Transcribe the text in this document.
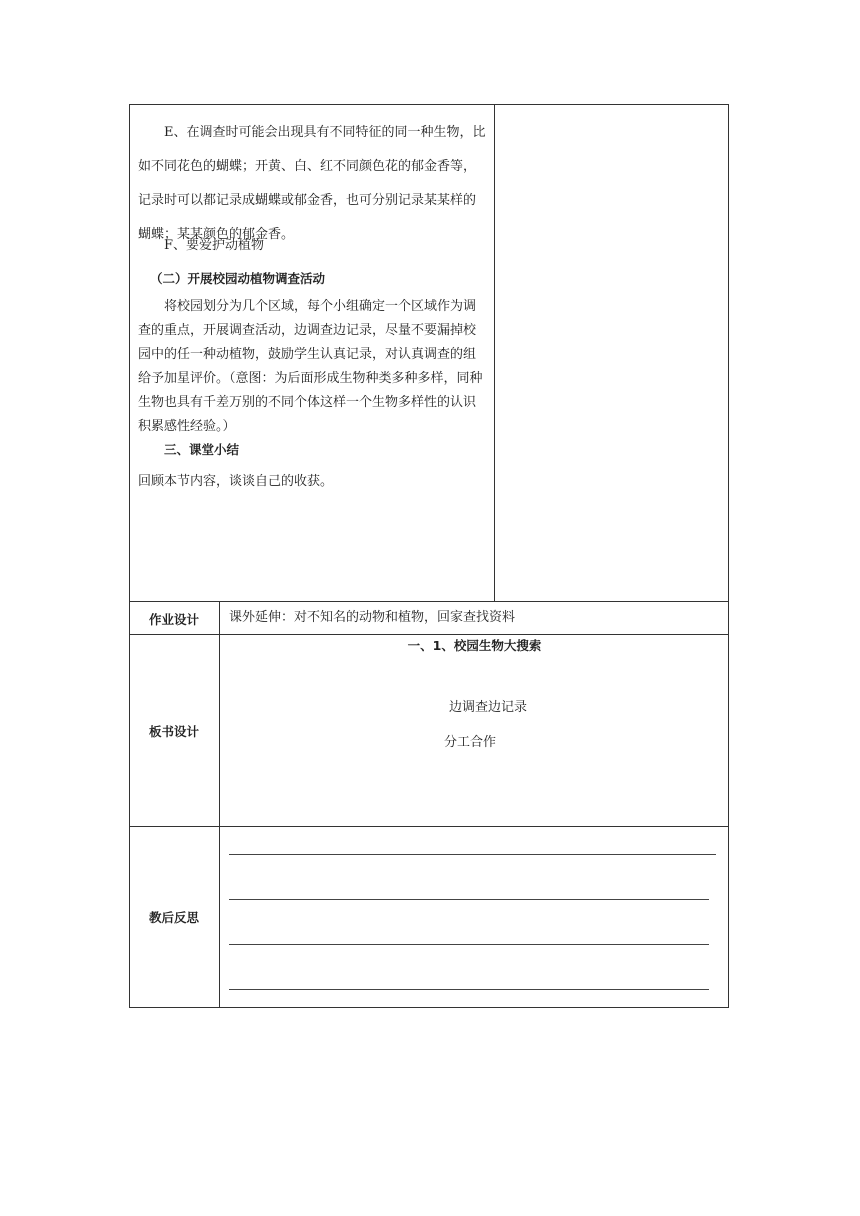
E、在调查时可能会出现具有不同特征的同一种生物，比如不同花色的蝴蝶；开黄、白、红不同颜色花的郁金香等，记录时可以都记录成蝴蝶或郁金香，也可分别记录某某样的蝴蝶；某某颜色的郁金香。
F、要爱护动植物
（二）开展校园动植物调查活动
将校园划分为几个区域，每个小组确定一个区域作为调查的重点，开展调查活动，边调查边记录，尽量不要漏掉校园中的任一种动植物，鼓励学生认真记录，对认真调查的组给予加星评价。（意图：为后面形成生物种类多种多样，同种生物也具有千差万别的不同个体这样一个生物多样性的认识积累感性经验。）
三、课堂小结
回顾本节内容，谈谈自己的收获。
作业设计	课外延伸：对不知名的动物和植物，回家查找资料
板书设计
一、1、校园生物大搜索
边调查边记录
分工合作
教后反思
